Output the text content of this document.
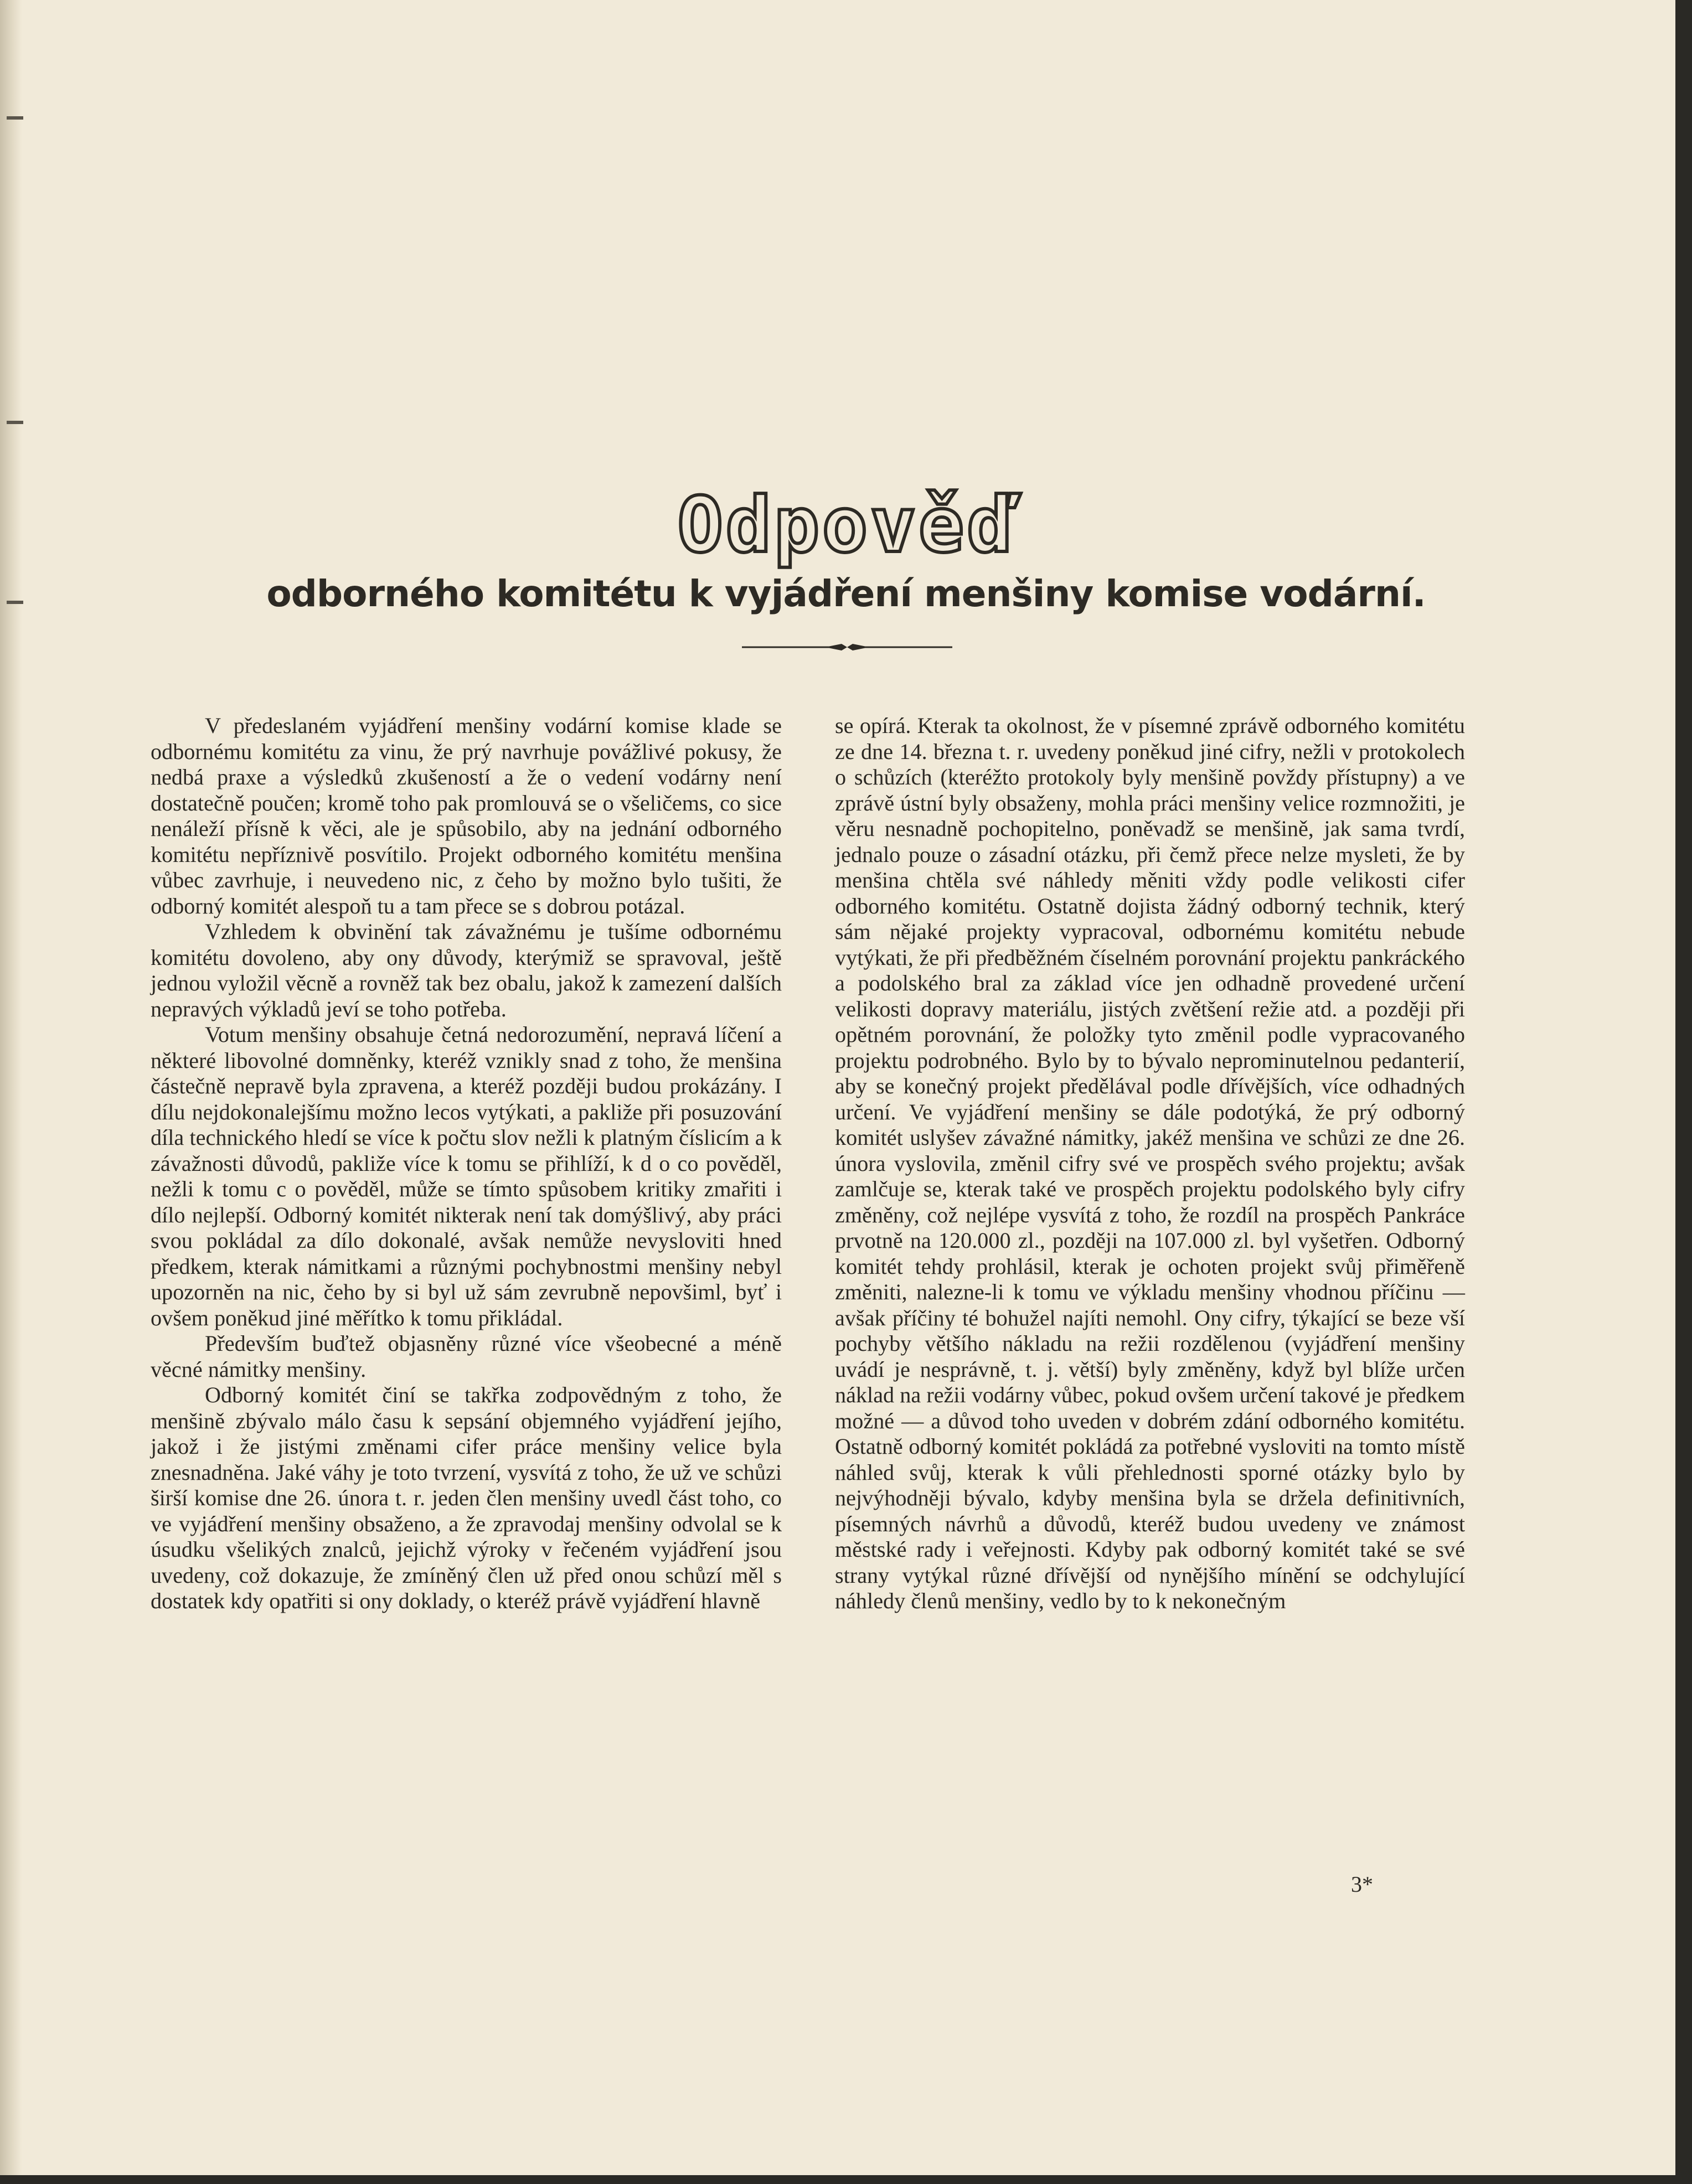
Odpověď
odborného komitétu k vyjádření menšiny komise vodární.

V předeslaném vyjádření menšiny vodární komise klade se odbornému komitétu za vinu, že prý navrhuje povážlivé pokusy, že nedbá praxe a výsledků zkušeností a že o vedení vodárny není dostatečně poučen; kromě toho pak promlouvá se o všeličems, co sice nenáleží přísně k věci, ale je spůsobilo, aby na jednání odborného komitétu nepříznivě posvítilo. Projekt odborného komitétu menšina vůbec zavrhuje, i neuvedeno nic, z čeho by možno bylo tušiti, že odborný komitét alespoň tu a tam přece se s dobrou potázal.

Vzhledem k obvinění tak závažnému je tušíme odbornému komitétu dovoleno, aby ony důvody, kterýmiž se spravoval, ještě jednou vyložil věcně a rovněž tak bez obalu, jakož k zamezení dalších nepravých výkladů jeví se toho potřeba.

Votum menšiny obsahuje četná nedorozumění, nepravá líčení a některé libovolné domněnky, kteréž vznikly snad z toho, že menšina částečně nepravě byla zpravena, a kteréž později budou prokázány. I dílu nejdokonalejšímu možno lecos vytýkati, a pakliže při posuzování díla technického hledí se více k počtu slov nežli k platným číslicím a k závažnosti důvodů, pakliže více k tomu se přihlíží, k d o co pověděl, nežli k tomu c o pověděl, může se tímto spůsobem kritiky zmařiti i dílo nejlepší. Odborný komitét nikterak není tak domýšlivý, aby práci svou pokládal za dílo dokonalé, avšak nemůže nevysloviti hned předkem, kterak námitkami a různými pochybnostmi menšiny nebyl upozorněn na nic, čeho by si byl už sám zevrubně nepovšiml, byť i ovšem poněkud jiné měřítko k tomu přikládal.

Především buďtež objasněny různé více všeobecné a méně věcné námitky menšiny.

Odborný komitét činí se takřka zodpovědným z toho, že menšině zbývalo málo času k sepsání objemného vyjádření jejího, jakož i že jistými změnami cifer práce menšiny velice byla znesnadněna. Jaké váhy je toto tvrzení, vysvítá z toho, že už ve schůzi širší komise dne 26. února t. r. jeden člen menšiny uvedl část toho, co ve vyjádření menšiny obsaženo, a že zpravodaj menšiny odvolal se k úsudku všelikých znalců, jejichž výroky v řečeném vyjádření jsou uvedeny, což dokazuje, že zmíněný člen už před onou schůzí měl s dostatek kdy opatřiti si ony doklady, o kteréž právě vyjádření hlavně

se opírá. Kterak ta okolnost, že v písemné zprávě odborného komitétu ze dne 14. března t. r. uvedeny poněkud jiné cifry, nežli v protokolech o schůzích (kteréžto protokoly byly menšině povždy přístupny) a ve zprávě ústní byly obsaženy, mohla práci menšiny velice rozmnožiti, je věru nesnadně pochopitelno, poněvadž se menšině, jak sama tvrdí, jednalo pouze o zásadní otázku, při čemž přece nelze mysleti, že by menšina chtěla své náhledy měniti vždy podle velikosti cifer odborného komitétu. Ostatně dojista žádný odborný technik, který sám nějaké projekty vypracoval, odbornému komitétu nebude vytýkati, že při předběžném číselném porovnání projektu pankráckého a podolského bral za základ více jen odhadně provedené určení velikosti dopravy materiálu, jistých zvětšení režie atd. a později při opětném porovnání, že položky tyto změnil podle vypracovaného projektu podrobného. Bylo by to bývalo neprominutelnou pedanterií, aby se konečný projekt předělával podle dřívějších, více odhadných určení. Ve vyjádření menšiny se dále podotýká, že prý odborný komitét uslyšev závažné námitky, jakéž menšina ve schůzi ze dne 26. února vyslovila, změnil cifry své ve prospěch svého projektu; avšak zamlčuje se, kterak také ve prospěch projektu podolského byly cifry změněny, což nejlépe vysvítá z toho, že rozdíl na prospěch Pankráce prvotně na 120.000 zl., později na 107.000 zl. byl vyšetřen. Odborný komitét tehdy prohlásil, kterak je ochoten projekt svůj přiměřeně změniti, nalezne-li k tomu ve výkladu menšiny vhodnou příčinu — avšak příčiny té bohužel najíti nemohl. Ony cifry, týkající se beze vší pochyby většího nákladu na režii rozdělenou (vyjádření menšiny uvádí je nesprávně, t. j. větší) byly změněny, když byl blíže určen náklad na režii vodárny vůbec, pokud ovšem určení takové je předkem možné — a důvod toho uveden v dobrém zdání odborného komitétu. Ostatně odborný komitét pokládá za potřebné vysloviti na tomto místě náhled svůj, kterak k vůli přehlednosti sporné otázky bylo by nejvýhodněji bývalo, kdyby menšina byla se držela definitivních, písemných návrhů a důvodů, kteréž budou uvedeny ve známost městské rady i veřejnosti. Kdyby pak odborný komitét také se své strany vytýkal různé dřívější od nynějšího mínění se odchylující náhledy členů menšiny, vedlo by to k nekonečným

3*
